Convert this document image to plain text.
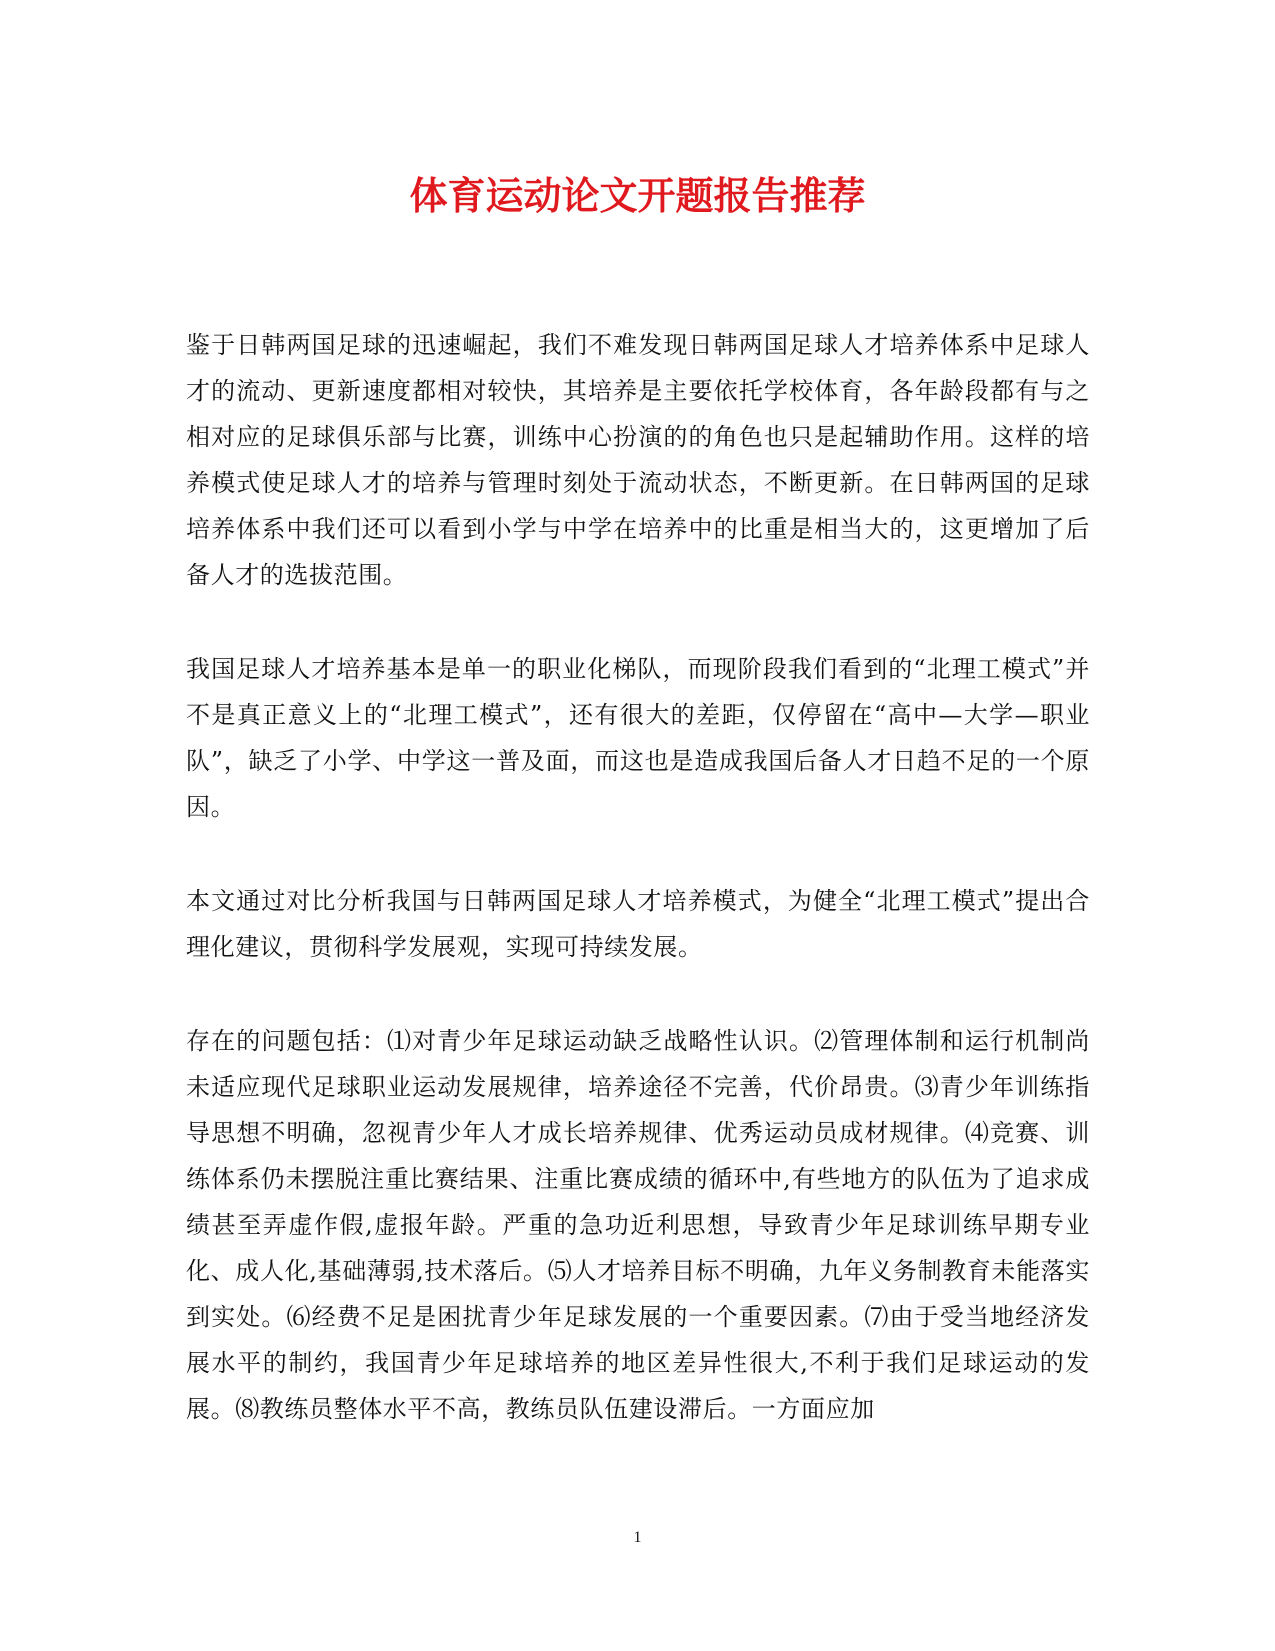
体育运动论文开题报告推荐

鉴于日韩两国足球的迅速崛起，我们不难发现日韩两国足球人才培养体系中足球人才的流动、更新速度都相对较快，其培养是主要依托学校体育，各年龄段都有与之相对应的足球俱乐部与比赛，训练中心扮演的的角色也只是起辅助作用。这样的培养模式使足球人才的培养与管理时刻处于流动状态，不断更新。在日韩两国的足球培养体系中我们还可以看到小学与中学在培养中的比重是相当大的，这更增加了后备人才的选拔范围。

我国足球人才培养基本是单一的职业化梯队，而现阶段我们看到的“北理工模式”并不是真正意义上的“北理工模式”，还有很大的差距，仅停留在“高中—大学—职业队”，缺乏了小学、中学这一普及面，而这也是造成我国后备人才日趋不足的一个原因。

本文通过对比分析我国与日韩两国足球人才培养模式，为健全“北理工模式”提出合理化建议，贯彻科学发展观，实现可持续发展。

存在的问题包括：⑴对青少年足球运动缺乏战略性认识。⑵管理体制和运行机制尚未适应现代足球职业运动发展规律，培养途径不完善，代价昂贵。⑶青少年训练指导思想不明确，忽视青少年人才成长培养规律、优秀运动员成材规律。⑷竞赛、训练体系仍未摆脱注重比赛结果、注重比赛成绩的循环中,有些地方的队伍为了追求成绩甚至弄虚作假,虚报年龄。严重的急功近利思想，导致青少年足球训练早期专业化、成人化,基础薄弱,技术落后。⑸人才培养目标不明确，九年义务制教育未能落实到实处。⑹经费不足是困扰青少年足球发展的一个重要因素。⑺由于受当地经济发展水平的制约，我国青少年足球培养的地区差异性很大,不利于我们足球运动的发展。⑻教练员整体水平不高，教练员队伍建设滞后。一方面应加

1
